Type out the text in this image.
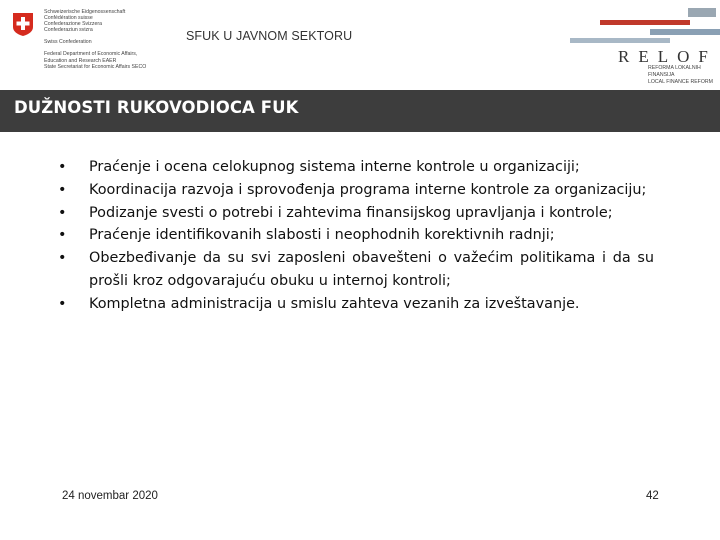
Schweizerische Eidgenossenschaft
Confédération suisse
Confederazione Svizzera
Confederaziun svizra
Swiss Confederation
Federal Department of Economic Affairs,
Education and Research EAER
State Secretariat for Economic Affairs SECO
SFUK U JAVNOM SEKTORU
RELOF
REFORMA LOKALNIH FINANSIJA
LOCAL FINANCE REFORM
DUŽNOSTI RUKOVODIOCA FUK
• Praćenje i ocena celokupnog sistema interne kontrole u organizaciji;
• Koordinacija razvoja i sprovođenja programa interne kontrole za organizaciju;
• Podizanje svesti o potrebi i zahtevima finansijskog upravljanja i kontrole;
• Praćenje identifikovanih slabosti i neophodnih korektivnih radnji;
• Obezbeđivanje da su svi zaposleni obavešteni o važećim politikama i da su prošli kroz odgovarajuću obuku u internoj kontroli;
• Kompletna administracija u smislu zahteva vezanih za izveštavanje.
24 novembar 2020	42
